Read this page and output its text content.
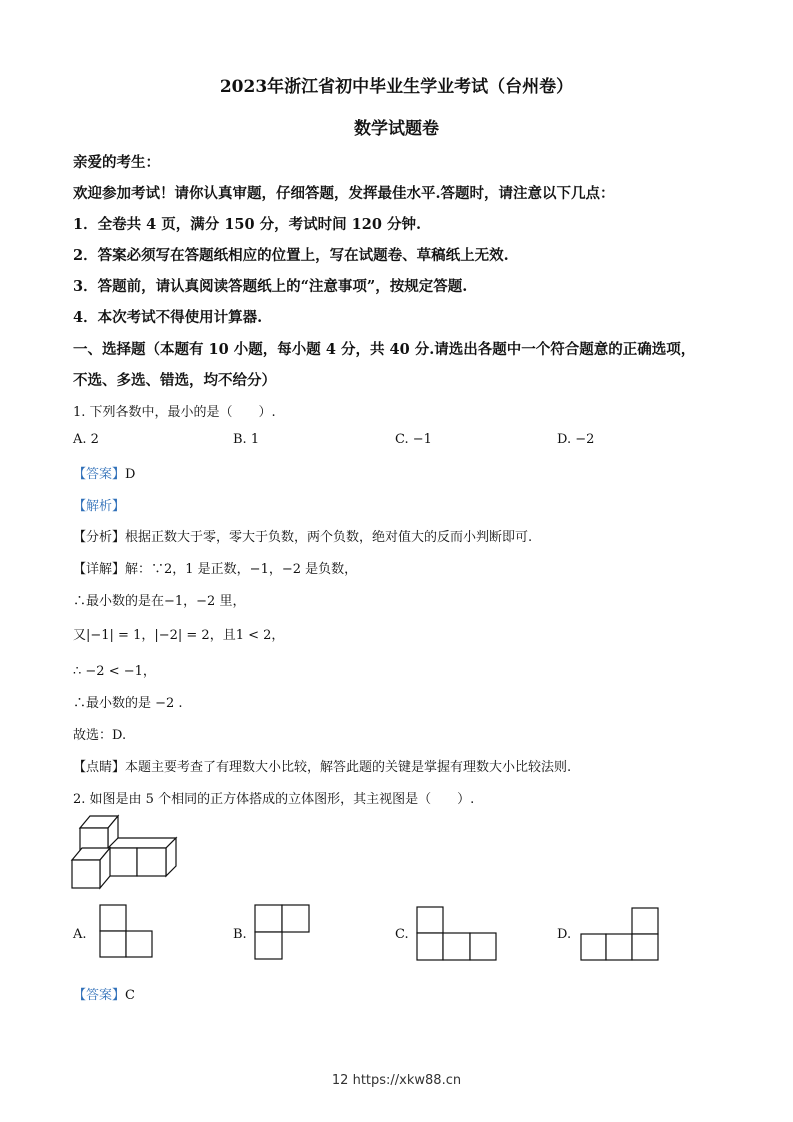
2023年浙江省初中毕业生学业考试（台州卷）
数学试题卷
亲爱的考生：
欢迎参加考试！请你认真审题，仔细答题，发挥最佳水平.答题时，请注意以下几点：
1．全卷共 4 页，满分 150 分，考试时间 120 分钟.
2．答案必须写在答题纸相应的位置上，写在试题卷、草稿纸上无效.
3．答题前，请认真阅读答题纸上的“注意事项”，按规定答题.
4．本次考试不得使用计算器.
一、选择题（本题有 10 小题，每小题 4 分，共 40 分.请选出各题中一个符合题意的正确选项，
不选、多选、错选，均不给分）
1. 下列各数中，最小的是（　　）.
A. 2	B. 1	C. −1	D. −2
【答案】D
【解析】
【分析】根据正数大于零，零大于负数，两个负数，绝对值大的反而小判断即可.
【详解】解：∵2，1 是正数，−1，−2 是负数，
∴最小数的是在−1，−2 里，
又|−1| = 1，|−2| = 2，且1 < 2，
∴ −2 < −1，
∴最小数的是 −2 .
故选：D.
【点睛】本题主要考查了有理数大小比较，解答此题的关键是掌握有理数大小比较法则.
2. 如图是由 5 个相同的正方体搭成的立体图形，其主视图是（　　）.
A.	B.	C.	D.
【答案】C
12 https://xkw88.cn
